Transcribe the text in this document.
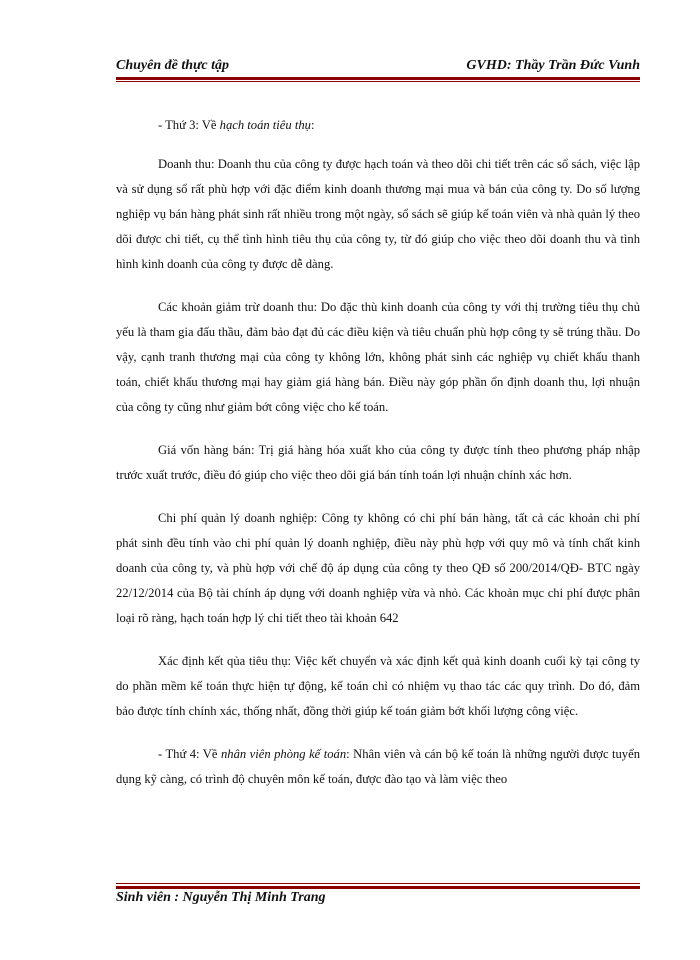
Chuyên đề thực tập	GVHD: Thầy Trần Đức Vunh

- Thứ 3: Về hạch toán tiêu thụ:

Doanh thu: Doanh thu của công ty được hạch toán và theo dõi chi tiết trên các sổ sách, việc lập và sử dụng sổ rất phù hợp với đặc điểm kinh doanh thương mại mua và bán của công ty. Do số lượng nghiệp vụ bán hàng phát sinh rất nhiều trong một ngày, sổ sách sẽ giúp kế toán viên và nhà quản lý theo dõi được chi tiết, cụ thể tình hình tiêu thụ của công ty, từ đó giúp cho việc theo dõi doanh thu và tình hình kinh doanh của công ty được dễ dàng.

Các khoản giảm trừ doanh thu: Do đặc thù kinh doanh của công ty với thị trường tiêu thụ chủ yếu là tham gia đấu thầu, đảm bảo đạt đủ các điều kiện và tiêu chuẩn phù hợp công ty sẽ trúng thầu. Do vậy, cạnh tranh thương mại của công ty không lớn, không phát sinh các nghiệp vụ chiết khấu thanh toán, chiết khấu thương mại hay giảm giá hàng bán. Điều này góp phần ổn định doanh thu, lợi nhuận của công ty cũng như giảm bớt công việc cho kế toán.

Giá vốn hàng bán: Trị giá hàng hóa xuất kho của công ty được tính theo phương pháp nhập trước xuất trước, điều đó giúp cho việc theo dõi giá bán tính toán lợi nhuận chính xác hơn.

Chi phí quản lý doanh nghiệp: Công ty không có chi phí bán hàng, tất cả các khoản chi phí phát sinh đều tính vào chi phí quản lý doanh nghiệp, điều này phù hợp với quy mô và tính chất kinh doanh của công ty, và phù hợp với chế độ áp dụng của công ty theo QĐ số 200/2014/QĐ- BTC ngày 22/12/2014 của Bộ tài chính áp dụng với doanh nghiệp vừa và nhỏ. Các khoản mục chi phí được phân loại rõ ràng, hạch toán hợp lý chi tiết theo tài khoản 642

Xác định kết qủa tiêu thụ: Việc kết chuyển và xác định kết quả kinh doanh cuối kỳ tại công ty do phần mềm kế toán thực hiện tự động, kế toán chỉ có nhiệm vụ thao tác các quy trình. Do đó, đảm bảo được tính chính xác, thống nhất, đồng thời giúp kế toán giảm bớt khối lượng công việc.

- Thứ 4: Về nhân viên phòng kế toán: Nhân viên và cán bộ kế toán là những người được tuyển dụng kỹ càng, có trình độ chuyên môn kế toán, được đào tạo và làm việc theo

Sinh viên : Nguyễn Thị Minh Trang
